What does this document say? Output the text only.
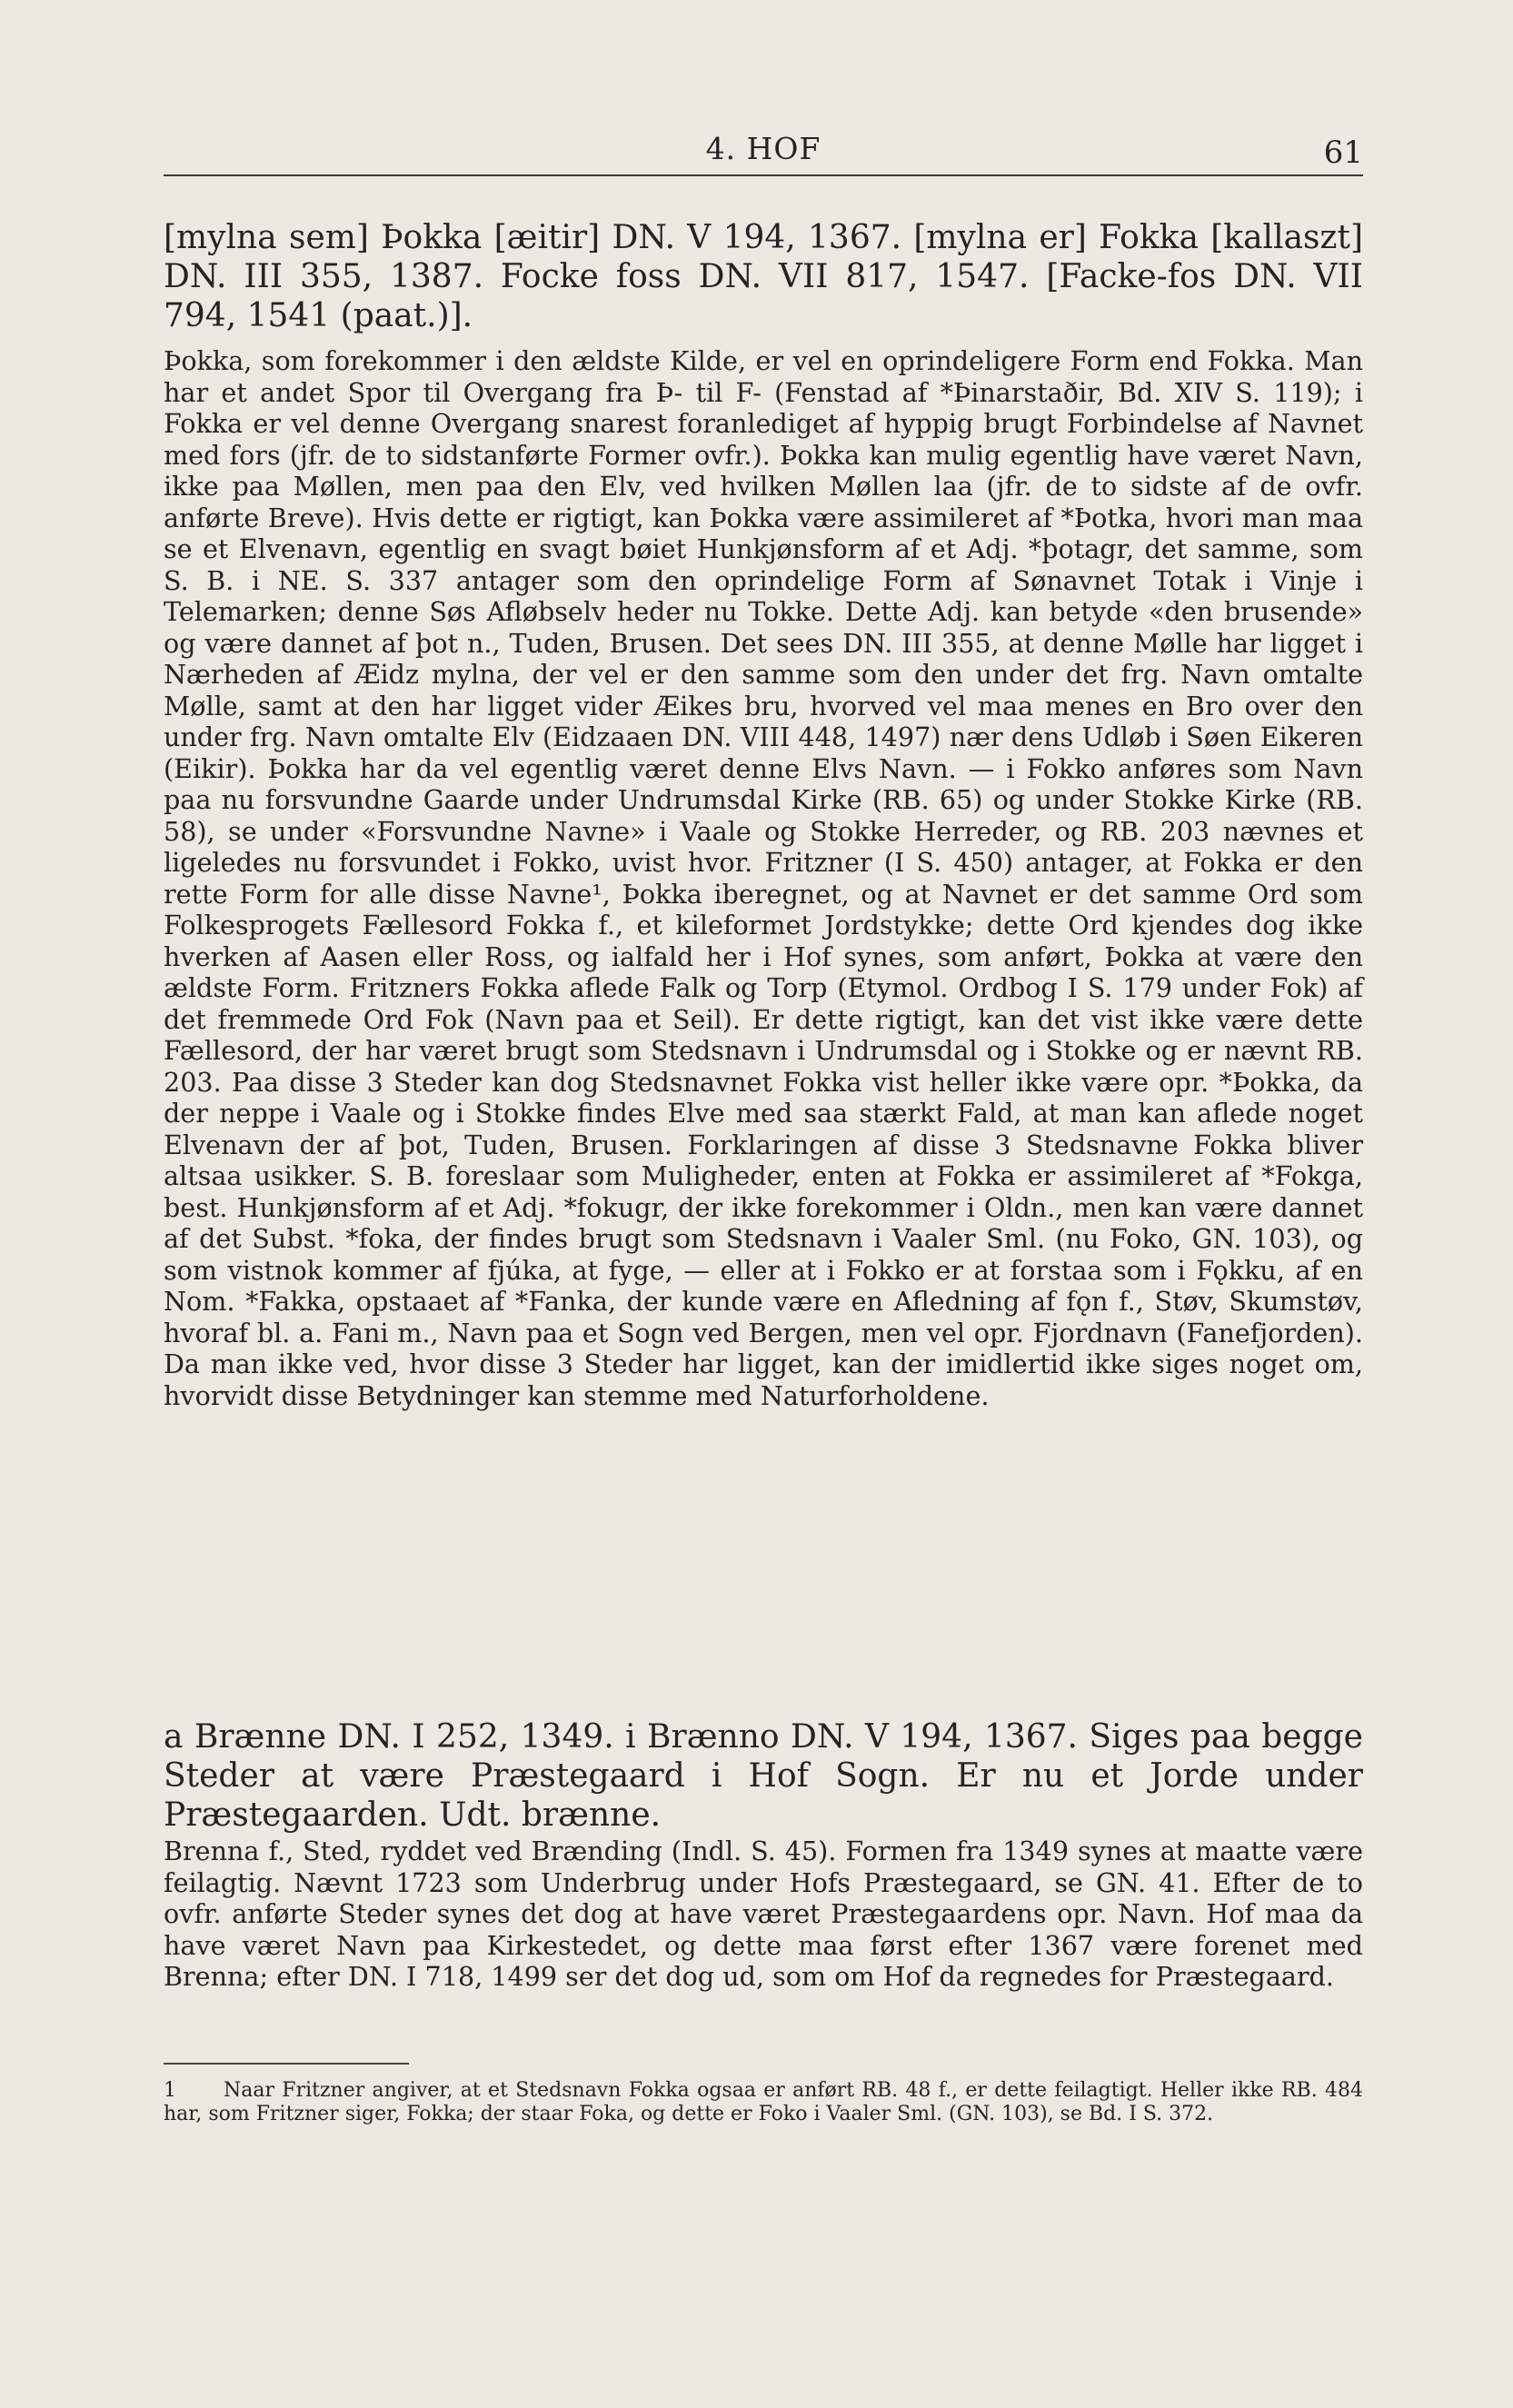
4. HOF	61
[mylna sem] Þokka [æitir] DN. V 194, 1367. [mylna er] Fokka [kallaszt] DN. III 355, 1387. Focke foss DN. VII 817, 1547. [Facke-fos DN. VII 794, 1541 (paat.)].
Þokka, som forekommer i den ældste Kilde, er vel en oprindeligere Form end Fokka. Man har et andet Spor til Overgang fra Þ- til F- (Fenstad af *Þinarstaðir, Bd. XIV S. 119); i Fokka er vel denne Overgang snarest foranlediget af hyppig brugt Forbindelse af Navnet med fors (jfr. de to sidstanførte Former ovfr.). Þokka kan mulig egentlig have været Navn, ikke paa Møllen, men paa den Elv, ved hvilken Møllen laa (jfr. de to sidste af de ovfr. anførte Breve). Hvis dette er rigtigt, kan Þokka være assimileret af *Þotka, hvori man maa se et Elvenavn, egentlig en svagt bøiet Hunkjønsform af et Adj. *þotagr, det samme, som S. B. i NE. S. 337 antager som den oprindelige Form af Sønavnet Totak i Vinje i Telemarken; denne Søs Afløbselv heder nu Tokke. Dette Adj. kan betyde «den brusende» og være dannet af þot n., Tuden, Brusen. Det sees DN. III 355, at denne Mølle har ligget i Nærheden af Æidz mylna, der vel er den samme som den under det frg. Navn omtalte Mølle, samt at den har ligget vider Æikes bru, hvorved vel maa menes en Bro over den under frg. Navn omtalte Elv (Eidzaaen DN. VIII 448, 1497) nær dens Udløb i Søen Eikeren (Eikir). Þokka har da vel egentlig været denne Elvs Navn. — i Fokko anføres som Navn paa nu forsvundne Gaarde under Undrumsdal Kirke (RB. 65) og under Stokke Kirke (RB. 58), se under «Forsvundne Navne» i Vaale og Stokke Herreder, og RB. 203 nævnes et ligeledes nu forsvundet i Fokko, uvist hvor. Fritzner (I S. 450) antager, at Fokka er den rette Form for alle disse Navne¹, Þokka iberegnet, og at Navnet er det samme Ord som Folkesprogets Fællesord Fokka f., et kileformet Jordstykke; dette Ord kjendes dog ikke hverken af Aasen eller Ross, og ialfald her i Hof synes, som anført, Þokka at være den ældste Form. Fritzners Fokka aflede Falk og Torp (Etymol. Ordbog I S. 179 under Fok) af det fremmede Ord Fok (Navn paa et Seil). Er dette rigtigt, kan det vist ikke være dette Fællesord, der har været brugt som Stedsnavn i Undrumsdal og i Stokke og er nævnt RB. 203. Paa disse 3 Steder kan dog Stedsnavnet Fokka vist heller ikke være opr. *Þokka, da der neppe i Vaale og i Stokke findes Elve med saa stærkt Fald, at man kan aflede noget Elvenavn der af þot, Tuden, Brusen. Forklaringen af disse 3 Stedsnavne Fokka bliver altsaa usikker. S. B. foreslaar som Muligheder, enten at Fokka er assimileret af *Fokga, best. Hunkjønsform af et Adj. *fokugr, der ikke forekommer i Oldn., men kan være dannet af det Subst. *foka, der findes brugt som Stedsnavn i Vaaler Sml. (nu Foko, GN. 103), og som vistnok kommer af fjúka, at fyge, — eller at i Fokko er at forstaa som i Fǫkku, af en Nom. *Fakka, opstaaet af *Fanka, der kunde være en Afledning af fǫn f., Støv, Skumstøv, hvoraf bl. a. Fani m., Navn paa et Sogn ved Bergen, men vel opr. Fjordnavn (Fanefjorden). Da man ikke ved, hvor disse 3 Steder har ligget, kan der imidlertid ikke siges noget om, hvorvidt disse Betydninger kan stemme med Naturforholdene.
a Brænne DN. I 252, 1349. i Brænno DN. V 194, 1367. Siges paa begge Steder at være Præstegaard i Hof Sogn. Er nu et Jorde under Præstegaarden. Udt. brænne.
Brenna f., Sted, ryddet ved Brænding (Indl. S. 45). Formen fra 1349 synes at maatte være feilagtig. Nævnt 1723 som Underbrug under Hofs Præstegaard, se GN. 41. Efter de to ovfr. anførte Steder synes det dog at have været Præstegaardens opr. Navn. Hof maa da have været Navn paa Kirkestedet, og dette maa først efter 1367 være forenet med Brenna; efter DN. I 718, 1499 ser det dog ud, som om Hof da regnedes for Præstegaard.
1 Naar Fritzner angiver, at et Stedsnavn Fokka ogsaa er anført RB. 48 f., er dette feilagtigt. Heller ikke RB. 484 har, som Fritzner siger, Fokka; der staar Foka, og dette er Foko i Vaaler Sml. (GN. 103), se Bd. I S. 372.
